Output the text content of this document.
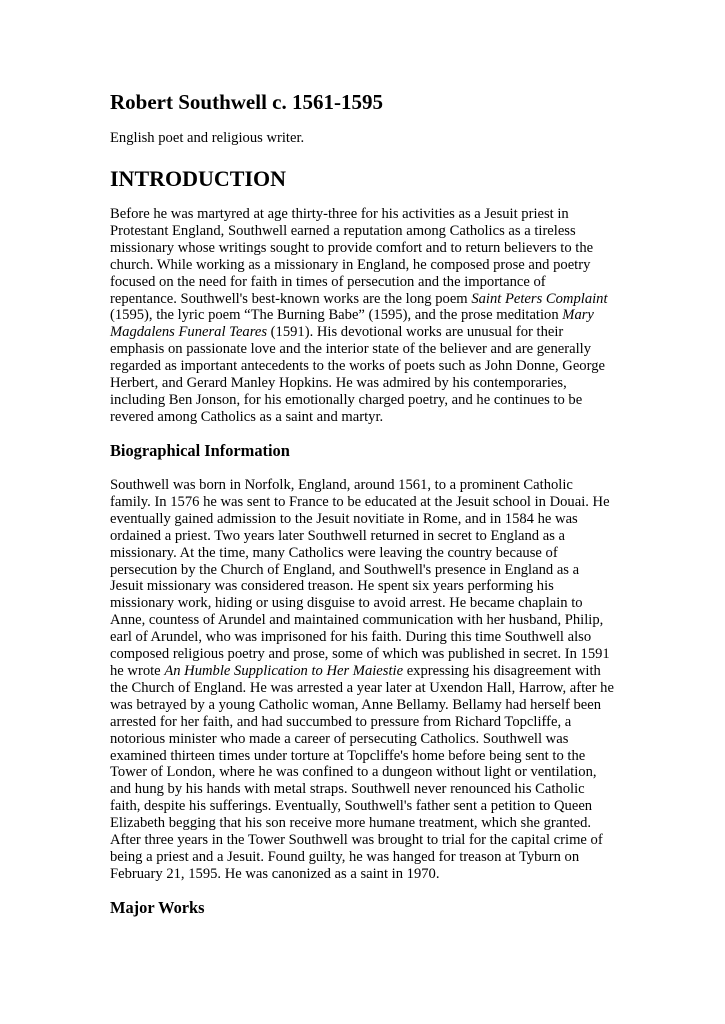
Robert Southwell c. 1561-1595

English poet and religious writer.

INTRODUCTION
Before he was martyred at age thirty-three for his activities as a Jesuit priest in
Protestant England, Southwell earned a reputation among Catholics as a tireless
missionary whose writings sought to provide comfort and to return believers to the
church. While working as a missionary in England, he composed prose and poetry
focused on the need for faith in times of persecution and the importance of
repentance. Southwell's best-known works are the long poem Saint Peters Complaint
(1595), the lyric poem “The Burning Babe” (1595), and the prose meditation Mary
Magdalens Funeral Teares (1591). His devotional works are unusual for their
emphasis on passionate love and the interior state of the believer and are generally
regarded as important antecedents to the works of poets such as John Donne, George
Herbert, and Gerard Manley Hopkins. He was admired by his contemporaries,
including Ben Jonson, for his emotionally charged poetry, and he continues to be
revered among Catholics as a saint and martyr.
Biographical Information
Southwell was born in Norfolk, England, around 1561, to a prominent Catholic
family. In 1576 he was sent to France to be educated at the Jesuit school in Douai. He
eventually gained admission to the Jesuit novitiate in Rome, and in 1584 he was
ordained a priest. Two years later Southwell returned in secret to England as a
missionary. At the time, many Catholics were leaving the country because of
persecution by the Church of England, and Southwell's presence in England as a
Jesuit missionary was considered treason. He spent six years performing his
missionary work, hiding or using disguise to avoid arrest. He became chaplain to
Anne, countess of Arundel and maintained communication with her husband, Philip,
earl of Arundel, who was imprisoned for his faith. During this time Southwell also
composed religious poetry and prose, some of which was published in secret. In 1591
he wrote An Humble Supplication to Her Maiestie expressing his disagreement with
the Church of England. He was arrested a year later at Uxendon Hall, Harrow, after he
was betrayed by a young Catholic woman, Anne Bellamy. Bellamy had herself been
arrested for her faith, and had succumbed to pressure from Richard Topcliffe, a
notorious minister who made a career of persecuting Catholics. Southwell was
examined thirteen times under torture at Topcliffe's home before being sent to the
Tower of London, where he was confined to a dungeon without light or ventilation,
and hung by his hands with metal straps. Southwell never renounced his Catholic
faith, despite his sufferings. Eventually, Southwell's father sent a petition to Queen
Elizabeth begging that his son receive more humane treatment, which she granted.
After three years in the Tower Southwell was brought to trial for the capital crime of
being a priest and a Jesuit. Found guilty, he was hanged for treason at Tyburn on
February 21, 1595. He was canonized as a saint in 1970.
Major Works
